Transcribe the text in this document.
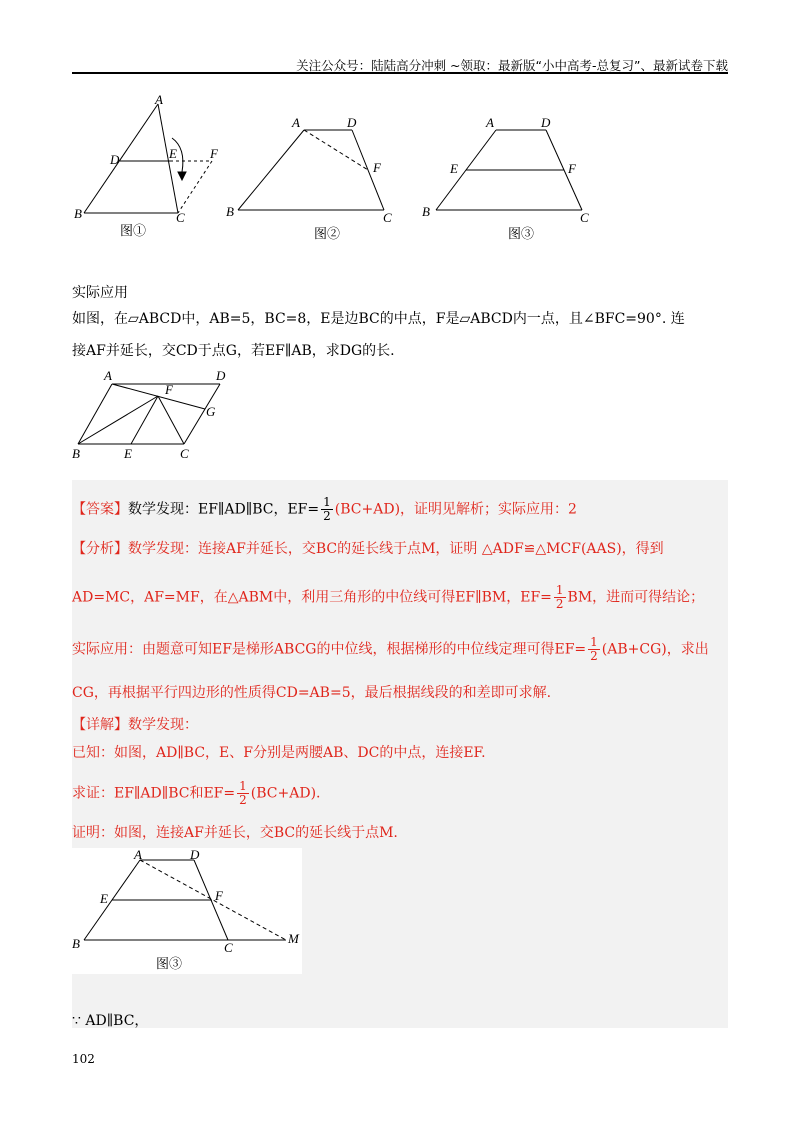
关注公众号：陆陆高分冲刺 ~领取：最新版“小中高考-总复习”、最新试卷下载
A
D	E	F
B	C
图①
A	D
F
B	C
图②
A	D
E	F
B	C
图③
实际应用
如图，在▱ABCD中，AB=5，BC=8，E是边BC的中点，F是▱ABCD内一点，且∠BFC=90°. 连
接AF并延长，交CD于点G，若EF∥AB，求DG的长.
A	D
F
G
B	E	C
【答案】数学发现：EF∥AD∥BC，$EF= \frac{1}{2} (BC+AD)$，证明见解析；实际应用：2
【分析】数学发现：连接AF并延长，交BC的延长线于点M，证明 △ADF≌△MCF(AAS)，得到
AD=MC，AF=MF，在△ABM中，利用三角形的中位线可得EF∥BM，$EF= \frac{1}{2}$ BM，进而可得结论；
实际应用：由题意可知EF是梯形ABCG的中位线，根据梯形的中位线定理可得$EF= \frac{1}{2} (AB+CG)$，求出
CG，再根据平行四边形的性质得CD=AB=5，最后根据线段的和差即可求解.
【详解】数学发现：
已知：如图，AD∥BC，E、F分别是两腰AB、DC的中点，连接EF.
求证：EF∥AD∥BC和$EF= \frac{1}{2} (BC+AD)$.
证明：如图，连接AF并延长，交BC的延长线于点M.
A	D
E	F
B	C
M
图③
∵ AD∥BC，
102
